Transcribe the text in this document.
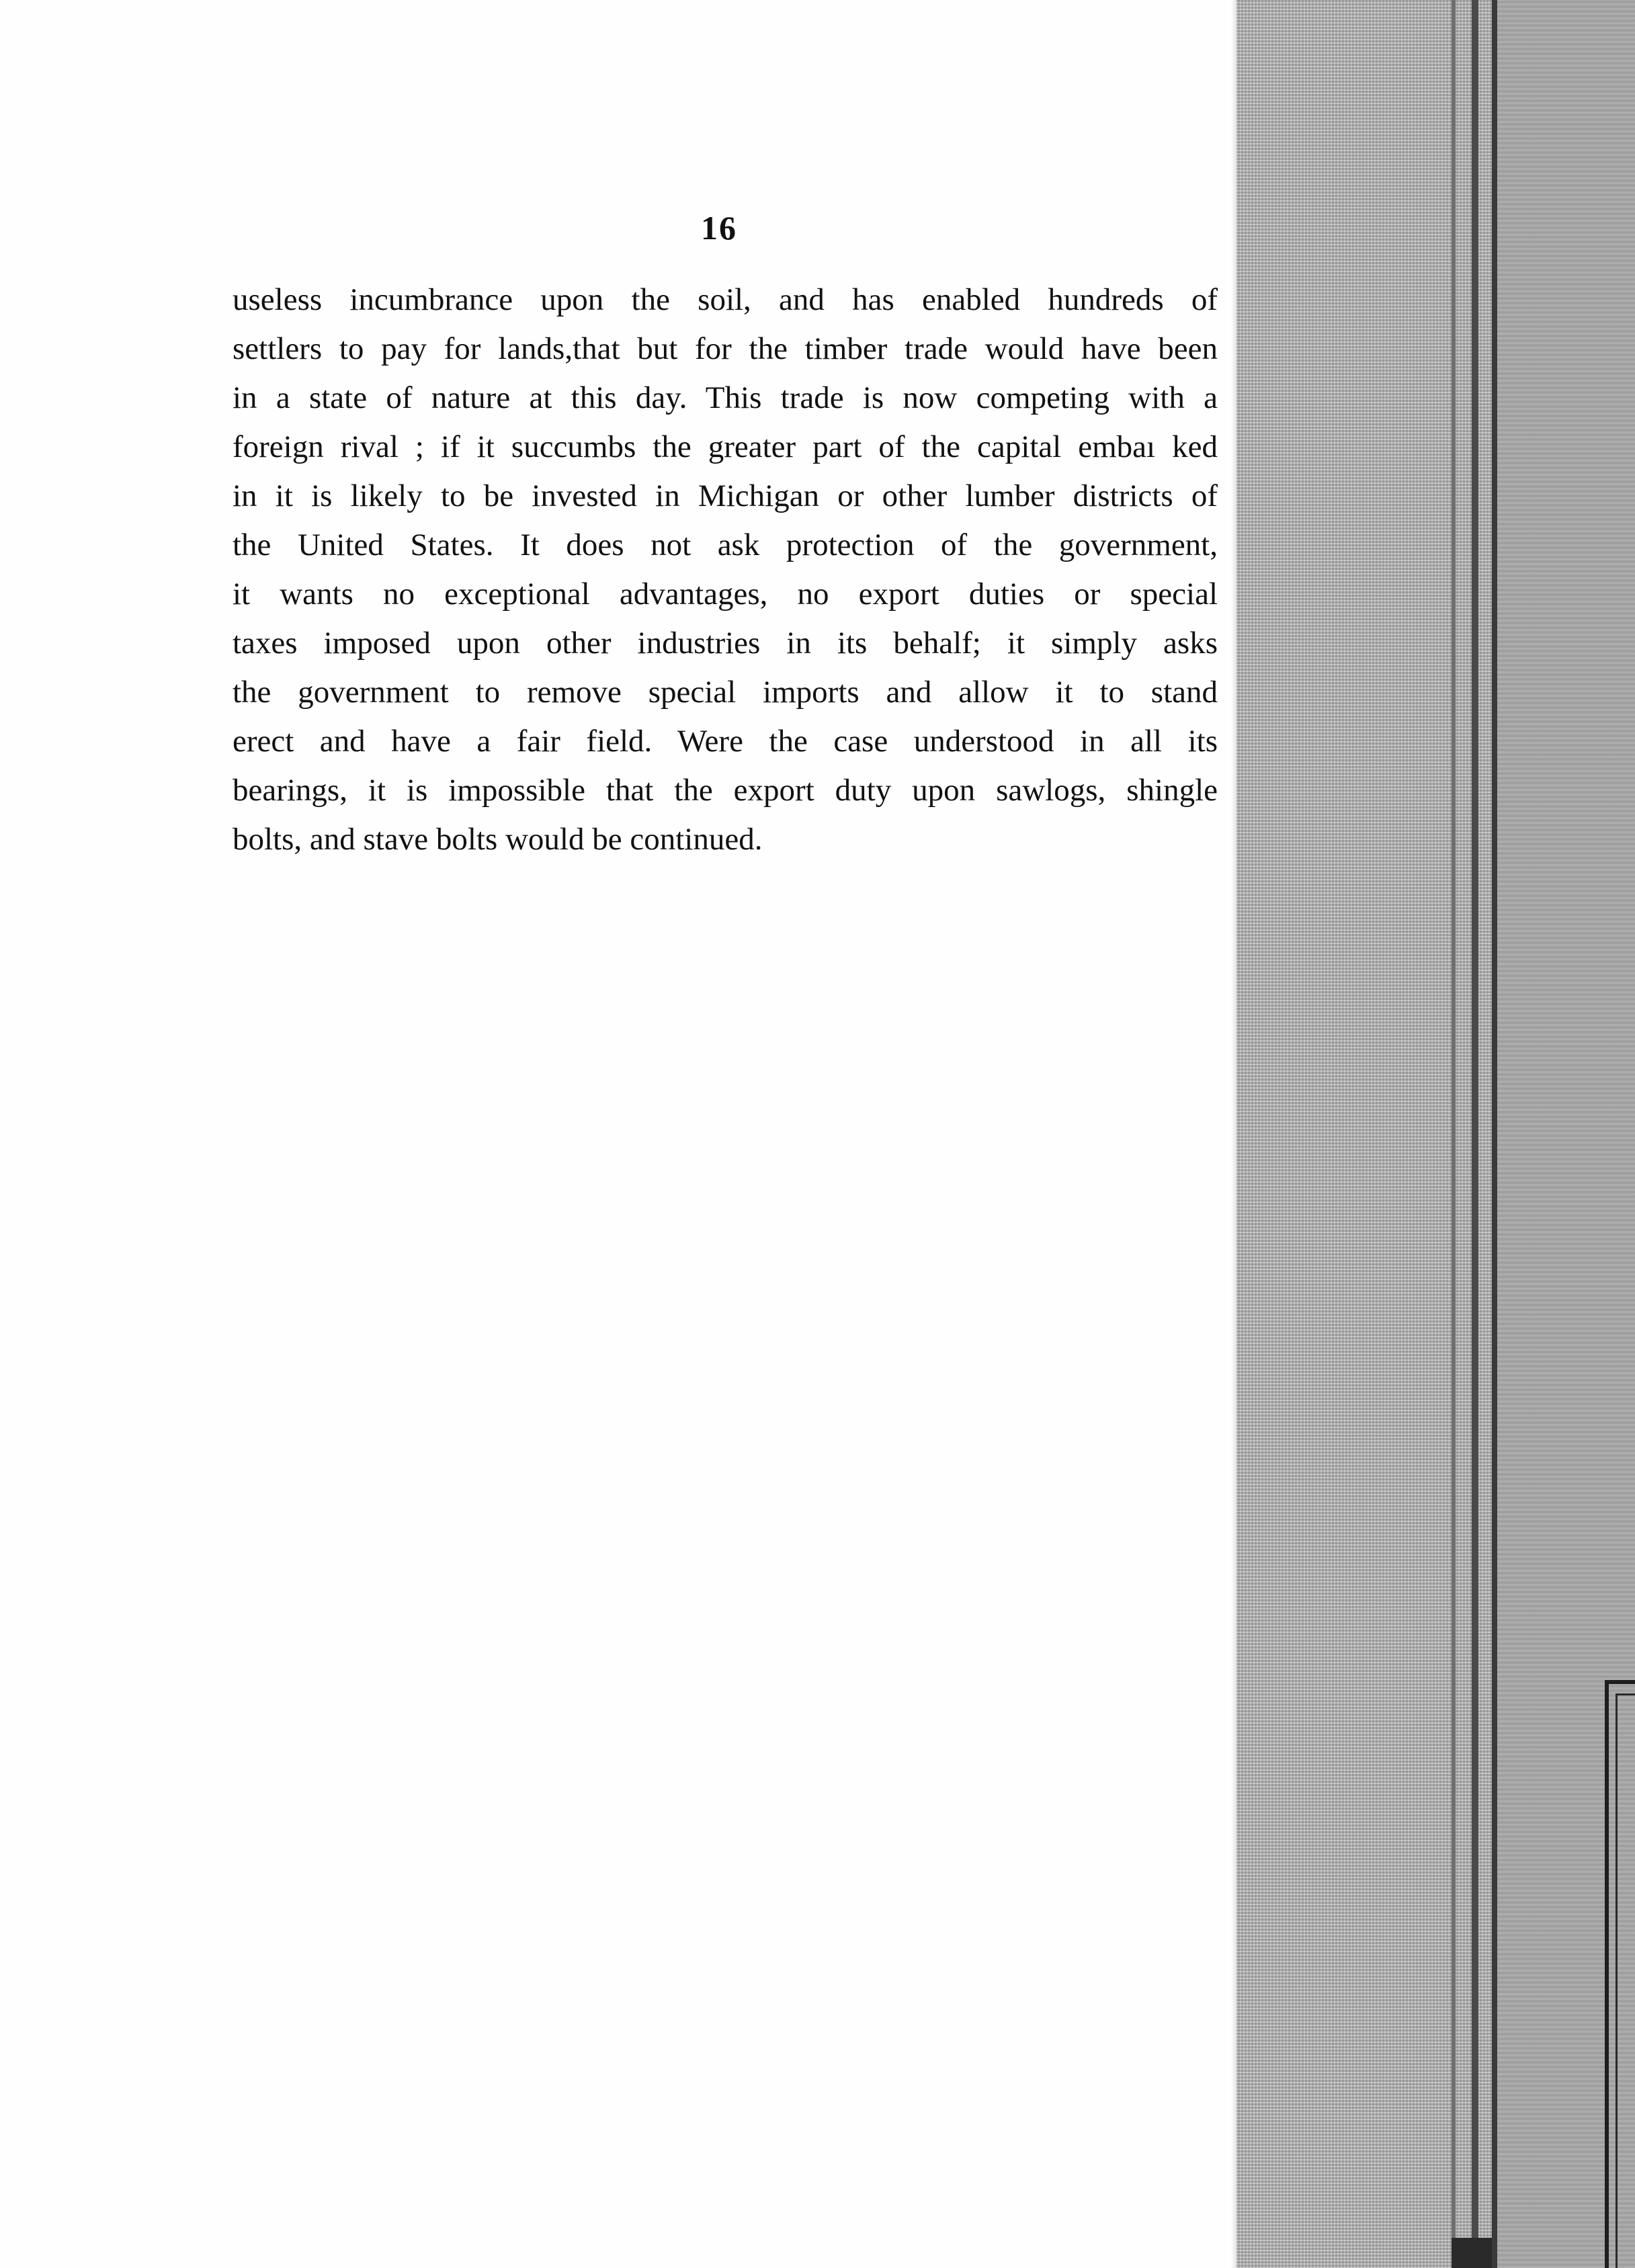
16
useless incumbrance upon the soil, and has enabled hundreds of
settlers to pay for lands,that but for the timber trade would have been
in a state of nature at this day. This trade is now competing with a
foreign rival ; if it succumbs the greater part of the capital embaı ked
in it is likely to be invested in Michigan or other lumber districts of
the United States. It does not ask protection of the government,
it wants no exceptional advantages, no export duties or special
taxes imposed upon other industries in its behalf; it simply asks
the government to remove special imports and allow it to stand
erect and have a fair field. Were the case understood in all its
bearings, it is impossible that the export duty upon sawlogs, shingle
bolts, and stave bolts would be continued.
